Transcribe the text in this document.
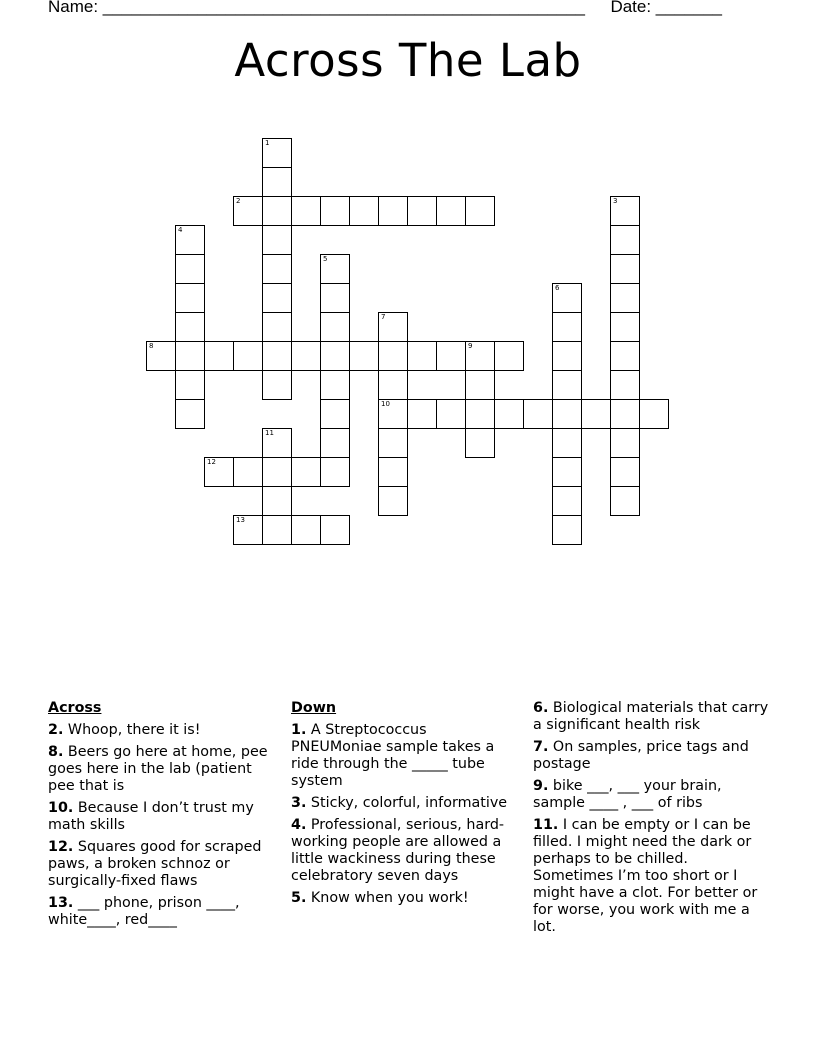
Name: ___________________________________________________ Date: _______
Across The Lab
1
2	3
4
5
6
7
10
8	9
11
12
13
Across
2. Whoop, there it is!
8. Beers go here at home, pee goes here in the lab (patient pee that is
10. Because I don’t trust my math skills
12. Squares good for scraped paws, a broken schnoz or surgically-fixed flaws
13. ___ phone, prison ____, white____, red____
Down
1. A Streptococcus PNEUMoniae sample takes a ride through the _____ tube system
3. Sticky, colorful, informative
4. Professional, serious, hard-working people are allowed a little wackiness during these celebratory seven days
5. Know when you work!
6. Biological materials that carry a significant health risk
7. On samples, price tags and postage
9. bike ___, ___ your brain, sample ____ , ___ of ribs
11. I can be empty or I can be filled. I might need the dark or perhaps to be chilled. Sometimes I’m too short or I might have a clot. For better or for worse, you work with me a lot.
